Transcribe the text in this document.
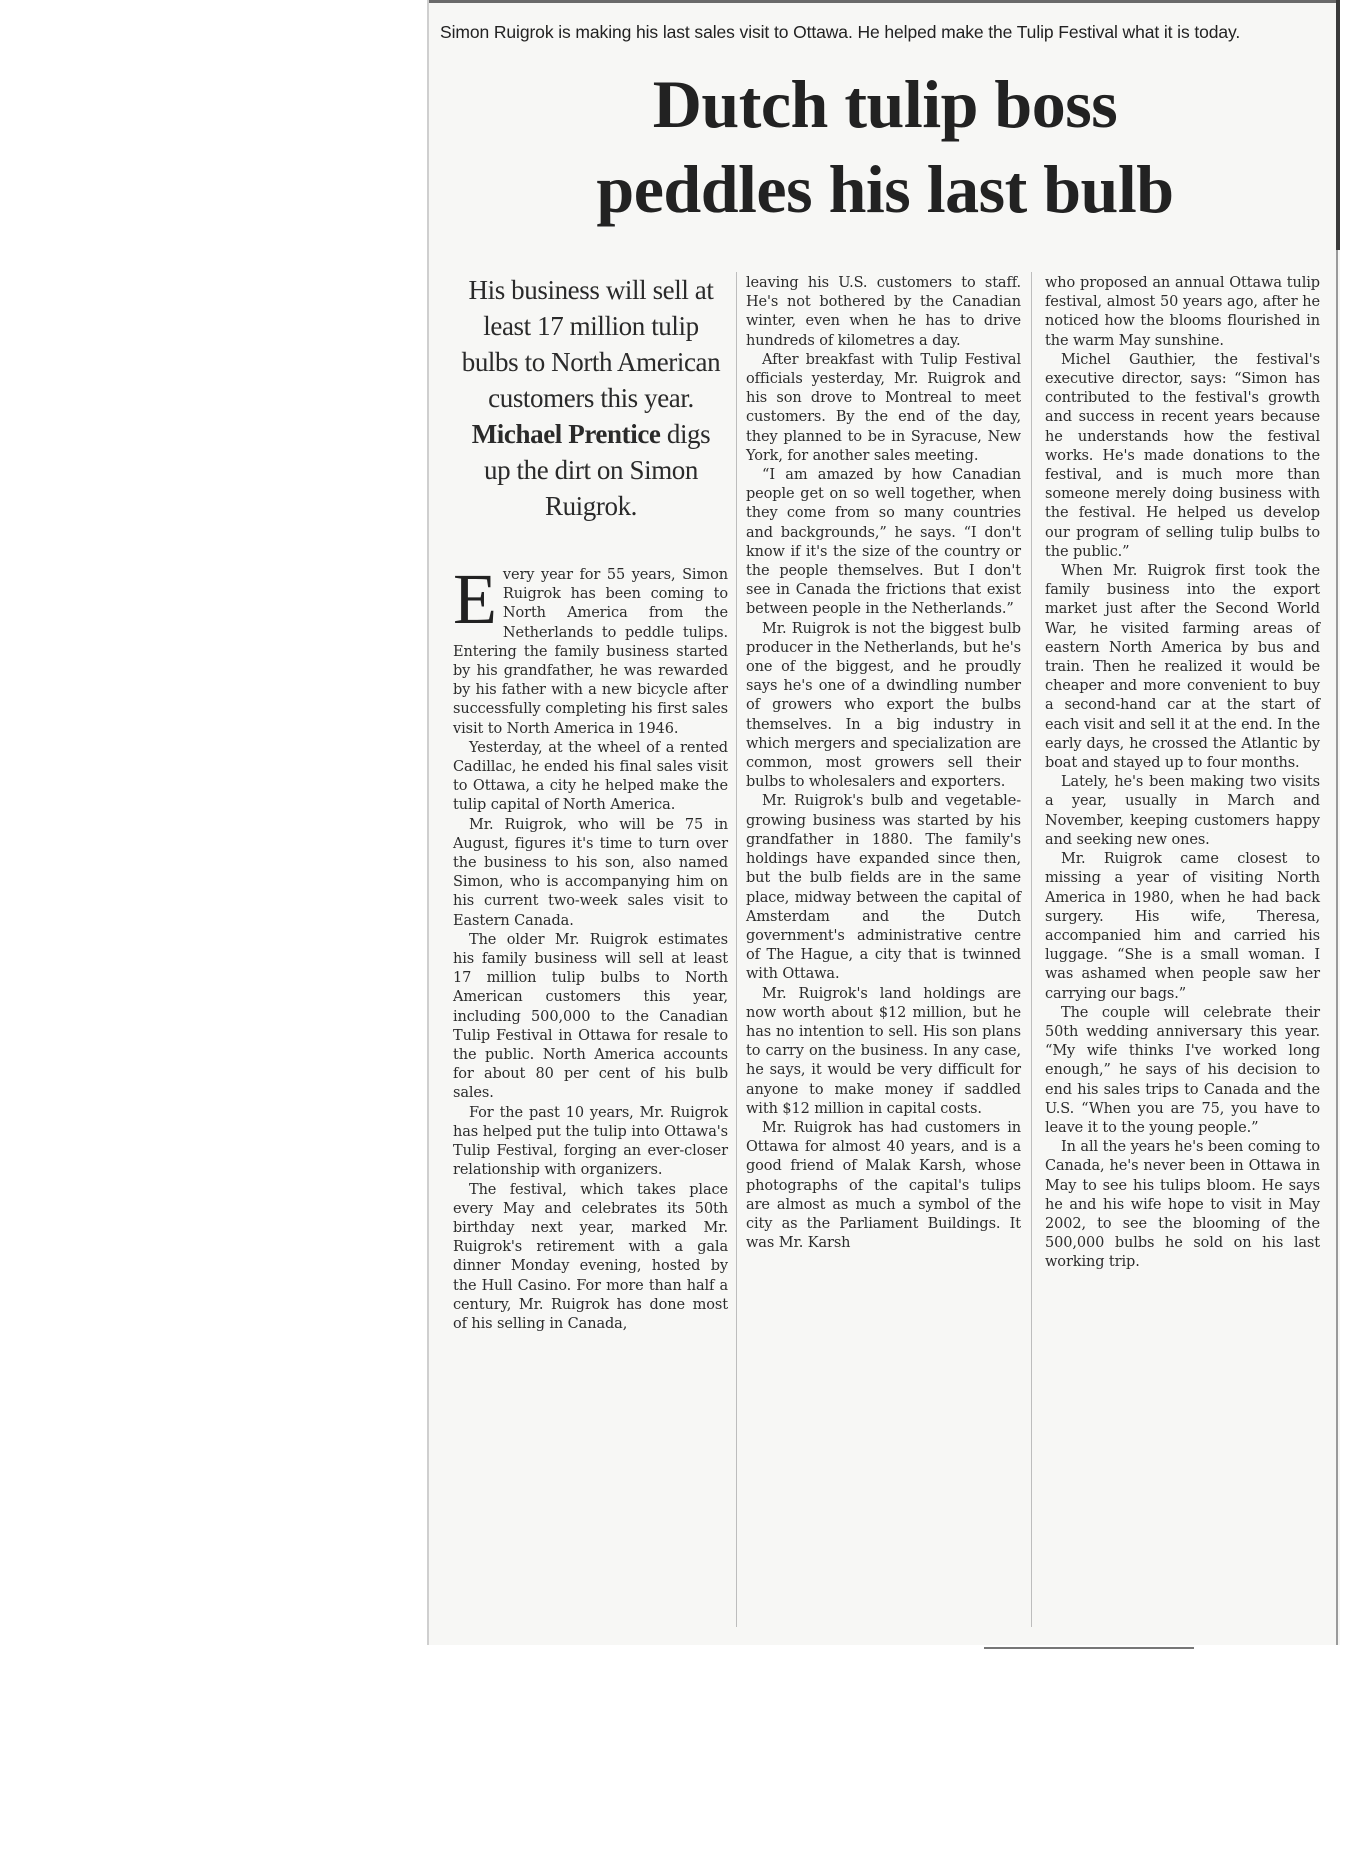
Simon Ruigrok is making his last sales visit to Ottawa. He helped make the Tulip Festival what it is today.
Dutch tulip boss
peddles his last bulb
His business will sell at
least 17 million tulip
bulbs to North American
customers this year.
Michael Prentice digs
up the dirt on Simon
Ruigrok.

Every year for 55 years, Simon Ruigrok has been coming to North America from the Netherlands to peddle tulips. Entering the family business started by his grandfather, he was rewarded by his father with a new bicycle after successfully completing his first sales visit to North America in 1946.

Yesterday, at the wheel of a rented Cadillac, he ended his final sales visit to Ottawa, a city he helped make the tulip capital of North America.

Mr. Ruigrok, who will be 75 in August, figures it's time to turn over the business to his son, also named Simon, who is accompanying him on his current two-week sales visit to Eastern Canada.

The older Mr. Ruigrok estimates his family business will sell at least 17 million tulip bulbs to North American customers this year, including 500,000 to the Canadian Tulip Festival in Ottawa for resale to the public. North America accounts for about 80 per cent of his bulb sales.

For the past 10 years, Mr. Ruigrok has helped put the tulip into Ottawa's Tulip Festival, forging an ever-closer relationship with organizers.

The festival, which takes place every May and celebrates its 50th birthday next year, marked Mr. Ruigrok's retirement with a gala dinner Monday evening, hosted by the Hull Casino. For more than half a century, Mr. Ruigrok has done most of his selling in Canada,

leaving his U.S. customers to staff. He's not bothered by the Canadian winter, even when he has to drive hundreds of kilometres a day.

After breakfast with Tulip Festival officials yesterday, Mr. Ruigrok and his son drove to Montreal to meet customers. By the end of the day, they planned to be in Syracuse, New York, for another sales meeting.

“I am amazed by how Canadian people get on so well together, when they come from so many countries and backgrounds,” he says. “I don't know if it's the size of the country or the people themselves. But I don't see in Canada the frictions that exist between people in the Netherlands.”

Mr. Ruigrok is not the biggest bulb producer in the Netherlands, but he's one of the biggest, and he proudly says he's one of a dwindling number of growers who export the bulbs themselves. In a big industry in which mergers and specialization are common, most growers sell their bulbs to wholesalers and exporters.

Mr. Ruigrok's bulb and vegetable-growing business was started by his grandfather in 1880. The family's holdings have expanded since then, but the bulb fields are in the same place, midway between the capital of Amsterdam and the Dutch government's administrative centre of The Hague, a city that is twinned with Ottawa.

Mr. Ruigrok's land holdings are now worth about $12 million, but he has no intention to sell. His son plans to carry on the business. In any case, he says, it would be very difficult for anyone to make money if saddled with $12 million in capital costs.

Mr. Ruigrok has had customers in Ottawa for almost 40 years, and is a good friend of Malak Karsh, whose photographs of the capital's tulips are almost as much a symbol of the city as the Parliament Buildings. It was Mr. Karsh

who proposed an annual Ottawa tulip festival, almost 50 years ago, after he noticed how the blooms flourished in the warm May sunshine.

Michel Gauthier, the festival's executive director, says: “Simon has contributed to the festival's growth and success in recent years because he understands how the festival works. He's made donations to the festival, and is much more than someone merely doing business with the festival. He helped us develop our program of selling tulip bulbs to the public.”

When Mr. Ruigrok first took the family business into the export market just after the Second World War, he visited farming areas of eastern North America by bus and train. Then he realized it would be cheaper and more convenient to buy a second-hand car at the start of each visit and sell it at the end. In the early days, he crossed the Atlantic by boat and stayed up to four months.

Lately, he's been making two visits a year, usually in March and November, keeping customers happy and seeking new ones.

Mr. Ruigrok came closest to missing a year of visiting North America in 1980, when he had back surgery. His wife, Theresa, accompanied him and carried his luggage. “She is a small woman. I was ashamed when people saw her carrying our bags.”

The couple will celebrate their 50th wedding anniversary this year. “My wife thinks I've worked long enough,” he says of his decision to end his sales trips to Canada and the U.S. “When you are 75, you have to leave it to the young people.”

In all the years he's been coming to Canada, he's never been in Ottawa in May to see his tulips bloom. He says he and his wife hope to visit in May 2002, to see the blooming of the 500,000 bulbs he sold on his last working trip.
